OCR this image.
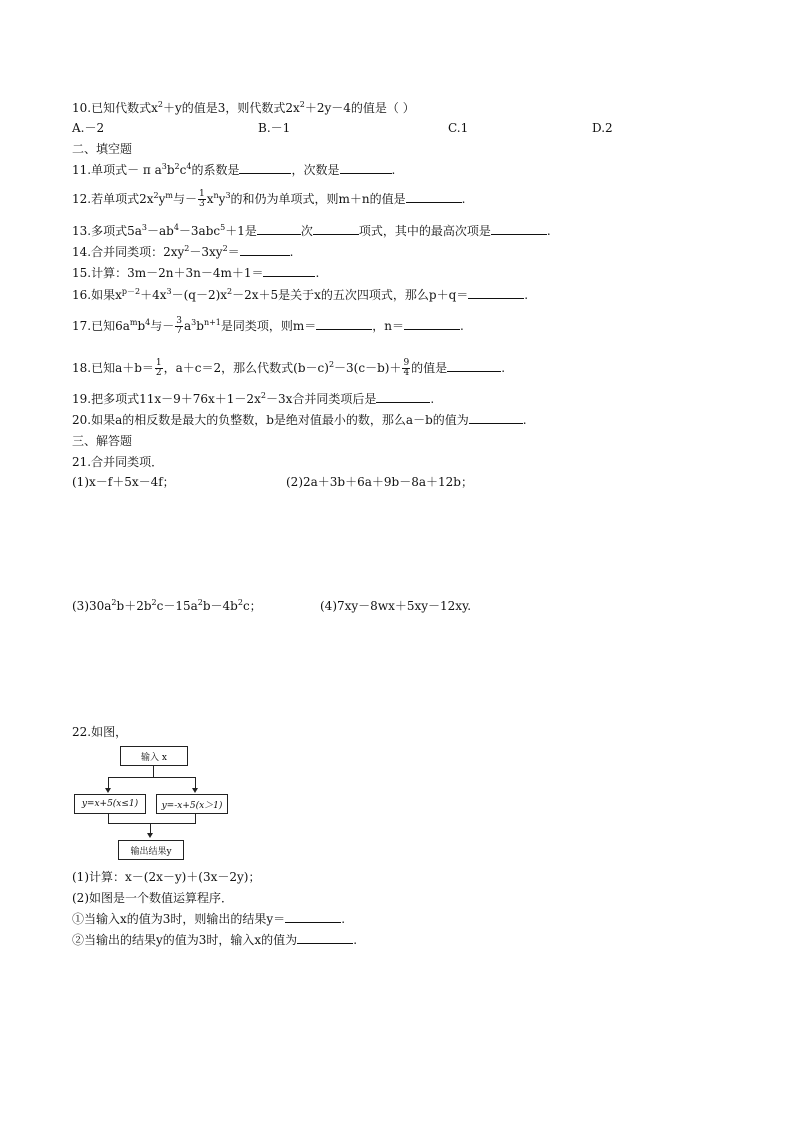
10.已知代数式$x^2+y$的值是3，则代数式$2x^2+2y-4$的值是（ ）
A.－2	B.－1	C.1	D.2
二、填空题
11.单项式－ π $a^3b^2c^4$的系数是	，次数是	.
12.若单项式$2x^2y^m$与－ $\frac{1}{3} x^ny^3$的和仍为单项式，则m＋n的值是	.
13.多项式$5a^3-ab^4-3abc^5+1$是	次	项式，其中的最高次项是	.
14.合并同类项：$2xy^2-3xy^2=$	.
15.计算：3m－2n＋3n－4m＋1＝	.
16.如果$x^{p-2}+4x^3-(q-2)x^2-2x+5$是关于x的五次四项式，那么p＋q＝	.
17.已知$6a^mb^4$与－ $\frac{3}{7} a^3b^{n+1}$是同类项，则m＝	，n＝	.
18.已知$a+b= \frac{1}{2}$ ，a＋c＝2，那么代数式$(b-c)^2-3(c-b)+ \frac{9}{4}$ 的值是	.
19.把多项式$11x-9+76x+1-2x^2-3x$合并同类项后是	.
20.如果a的相反数是最大的负整数，b是绝对值最小的数，那么a－b的值为	.
三、解答题
21.合并同类项．
(1)x－f＋5x－4f；	(2)2a＋3b＋6a＋9b－8a＋12b；
$(3)30a^2b+2b^2c-15a^2b-4b^2c$；	(4)7xy－8wx＋5xy－12xy.
22.如图，
输入 x
y=x+5(x≤1)	y=-x+5(x＞1)
输出结果y
(1)计算：x－(2x－y)＋(3x－2y)；
(2)如图是一个数值运算程序．
①当输入x的值为3时，则输出的结果y＝	.
②当输出的结果y的值为3时，输入x的值为	.
